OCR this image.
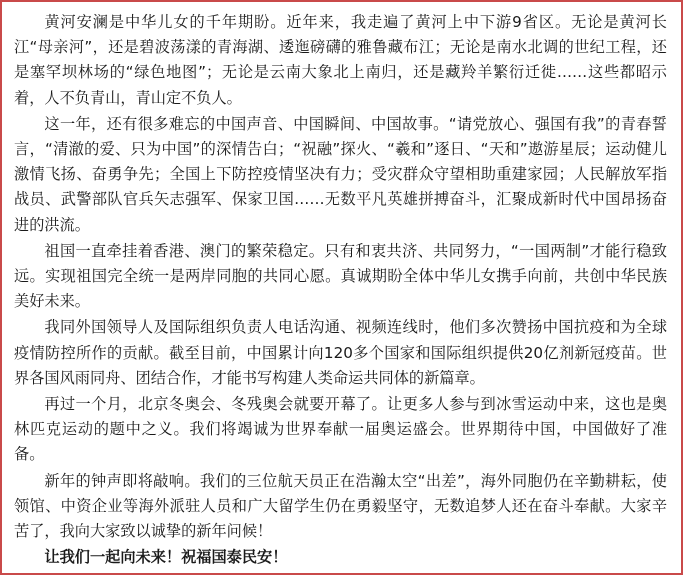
黄河安澜是中华儿女的千年期盼。近年来，我走遍了黄河上中下游9省区。无论是黄河长江“母亲河”，还是碧波荡漾的青海湖、逶迤磅礴的雅鲁藏布江；无论是南水北调的世纪工程，还是塞罕坝林场的“绿色地图”；无论是云南大象北上南归，还是藏羚羊繁衍迁徙……这些都昭示着，人不负青山，青山定不负人。

这一年，还有很多难忘的中国声音、中国瞬间、中国故事。“请党放心、强国有我”的青春誓言，“清澈的爱、只为中国”的深情告白；“祝融”探火、“羲和”逐日、“天和”遨游星辰；运动健儿激情飞扬、奋勇争先；全国上下防控疫情坚决有力；受灾群众守望相助重建家园；人民解放军指战员、武警部队官兵矢志强军、保家卫国……无数平凡英雄拼搏奋斗，汇聚成新时代中国昂扬奋进的洪流。

祖国一直牵挂着香港、澳门的繁荣稳定。只有和衷共济、共同努力，“一国两制”才能行稳致远。实现祖国完全统一是两岸同胞的共同心愿。真诚期盼全体中华儿女携手向前，共创中华民族美好未来。

我同外国领导人及国际组织负责人电话沟通、视频连线时，他们多次赞扬中国抗疫和为全球疫情防控所作的贡献。截至目前，中国累计向120多个国家和国际组织提供20亿剂新冠疫苗。世界各国风雨同舟、团结合作，才能书写构建人类命运共同体的新篇章。

再过一个月，北京冬奥会、冬残奥会就要开幕了。让更多人参与到冰雪运动中来，这也是奥林匹克运动的题中之义。我们将竭诚为世界奉献一届奥运盛会。世界期待中国，中国做好了准备。

新年的钟声即将敲响。我们的三位航天员正在浩瀚太空“出差”，海外同胞仍在辛勤耕耘，使领馆、中资企业等海外派驻人员和广大留学生仍在勇毅坚守，无数追梦人还在奋斗奉献。大家辛苦了，我向大家致以诚挚的新年问候！

让我们一起向未来！祝福国泰民安！
